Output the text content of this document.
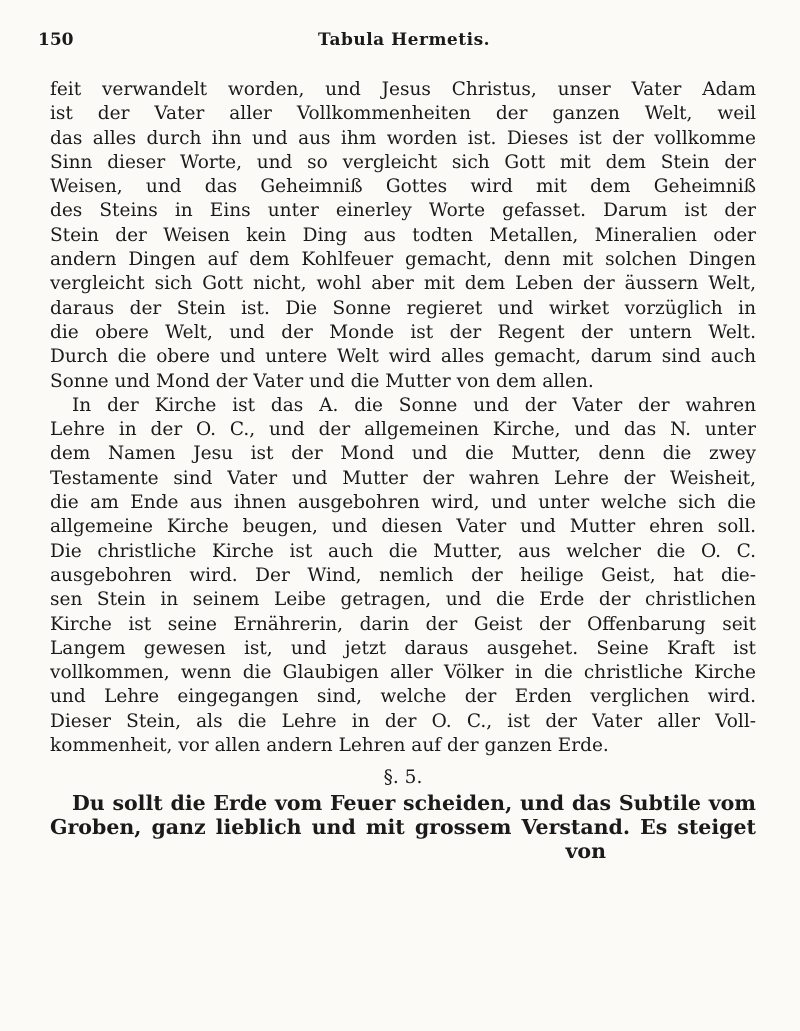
150	Tabula Hermetis.
feit verwandelt worden, und Jesus Christus, unser Vater Adam
ist der Vater aller Vollkommenheiten der ganzen Welt, weil
das alles durch ihn und aus ihm worden ist. Dieses ist der vollkomme
Sinn dieser Worte, und so vergleicht sich Gott mit dem Stein der
Weisen, und das Geheimniß Gottes wird mit dem Geheimniß
des Steins in Eins unter einerley Worte gefasset. Darum ist der
Stein der Weisen kein Ding aus todten Metallen, Mineralien oder
andern Dingen auf dem Kohlfeuer gemacht, denn mit solchen Dingen
vergleicht sich Gott nicht, wohl aber mit dem Leben der äussern Welt,
daraus der Stein ist. Die Sonne regieret und wirket vorzüglich in
die obere Welt, und der Monde ist der Regent der untern Welt.
Durch die obere und untere Welt wird alles gemacht, darum sind auch
Sonne und Mond der Vater und die Mutter von dem allen.
In der Kirche ist das A. die Sonne und der Vater der wahren
Lehre in der O. C., und der allgemeinen Kirche, und das N. unter
dem Namen Jesu ist der Mond und die Mutter, denn die zwey
Testamente sind Vater und Mutter der wahren Lehre der Weisheit,
die am Ende aus ihnen ausgebohren wird, und unter welche sich die
allgemeine Kirche beugen, und diesen Vater und Mutter ehren soll.
Die christliche Kirche ist auch die Mutter, aus welcher die O. C.
ausgebohren wird. Der Wind, nemlich der heilige Geist, hat die-
sen Stein in seinem Leibe getragen, und die Erde der christlichen
Kirche ist seine Ernährerin, darin der Geist der Offenbarung seit
Langem gewesen ist, und jetzt daraus ausgehet. Seine Kraft ist
vollkommen, wenn die Glaubigen aller Völker in die christliche Kirche
und Lehre eingegangen sind, welche der Erden verglichen wird.
Dieser Stein, als die Lehre in der O. C., ist der Vater aller Voll-
kommenheit, vor allen andern Lehren auf der ganzen Erde.
§. 5.
Du sollt die Erde vom Feuer scheiden, und das Subtile vom
Groben, ganz lieblich und mit grossem Verstand. Es steiget
von
